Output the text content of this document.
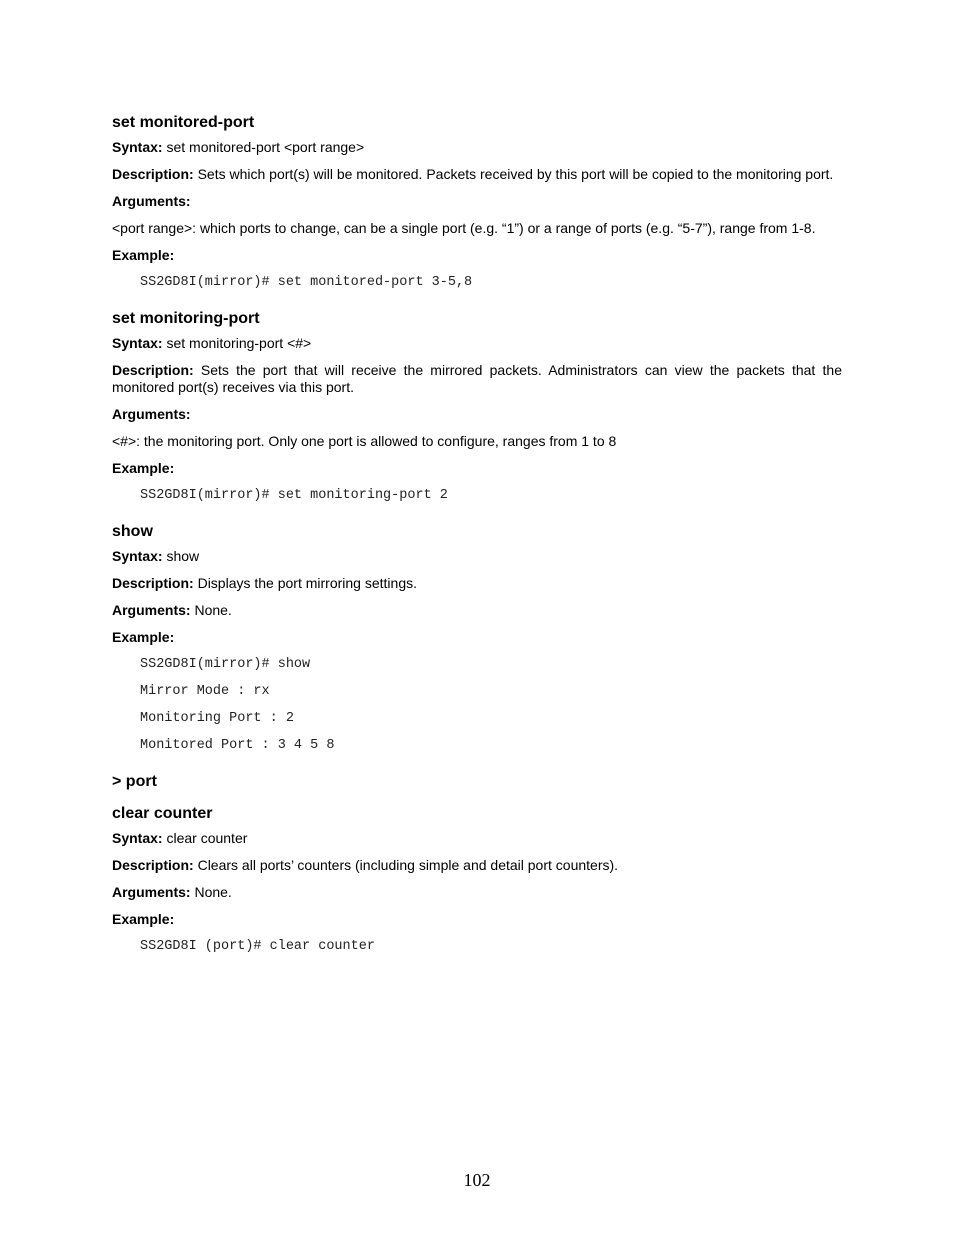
set monitored-port
Syntax: set monitored-port <port range>
Description: Sets which port(s) will be monitored. Packets received by this port will be copied to the monitoring port.
Arguments:
<port range>: which ports to change, can be a single port (e.g. “1”) or a range of ports (e.g. “5-7”), range from 1-8.
Example:
SS2GD8I(mirror)# set monitored-port 3-5,8
set monitoring-port
Syntax: set monitoring-port <#>
Description: Sets the port that will receive the mirrored packets. Administrators can view the packets that the monitored port(s) receives via this port.
Arguments:
<#>: the monitoring port. Only one port is allowed to configure, ranges from 1 to 8
Example:
SS2GD8I(mirror)# set monitoring-port 2
show
Syntax: show
Description: Displays the port mirroring settings.
Arguments: None.
Example:
SS2GD8I(mirror)# show
Mirror Mode : rx
Monitoring Port : 2
Monitored Port : 3 4 5 8
> port
clear counter
Syntax: clear counter
Description: Clears all ports’ counters (including simple and detail port counters).
Arguments: None.
Example:
SS2GD8I (port)# clear counter
102
